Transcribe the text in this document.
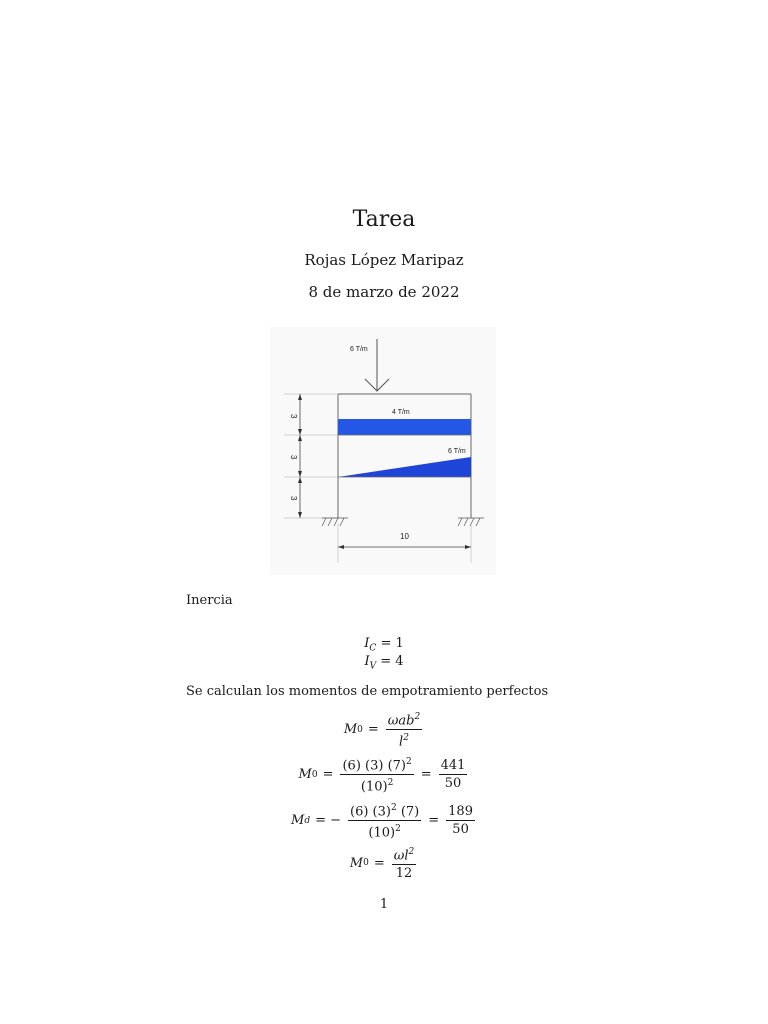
Tarea
Rojas López Maripaz
8 de marzo de 2022
6 T/m
4 T/m
6 T/m
3
3
3
10
Inercia
$I_C = 1$
$I_V = 4$
Se calculan los momentos de empotramiento perfectos
M $0 = \frac{\omega ab^2}{l^2}$
M $0 = \frac{(6) (3) (7)^2}{(10)^2} = \frac{441}{50}$
M d = − $\frac{(6) (3)^2 (7)}{(10)^2} = \frac{189}{50}$
M $0 = \frac{\omega l^2}{12}$
1
